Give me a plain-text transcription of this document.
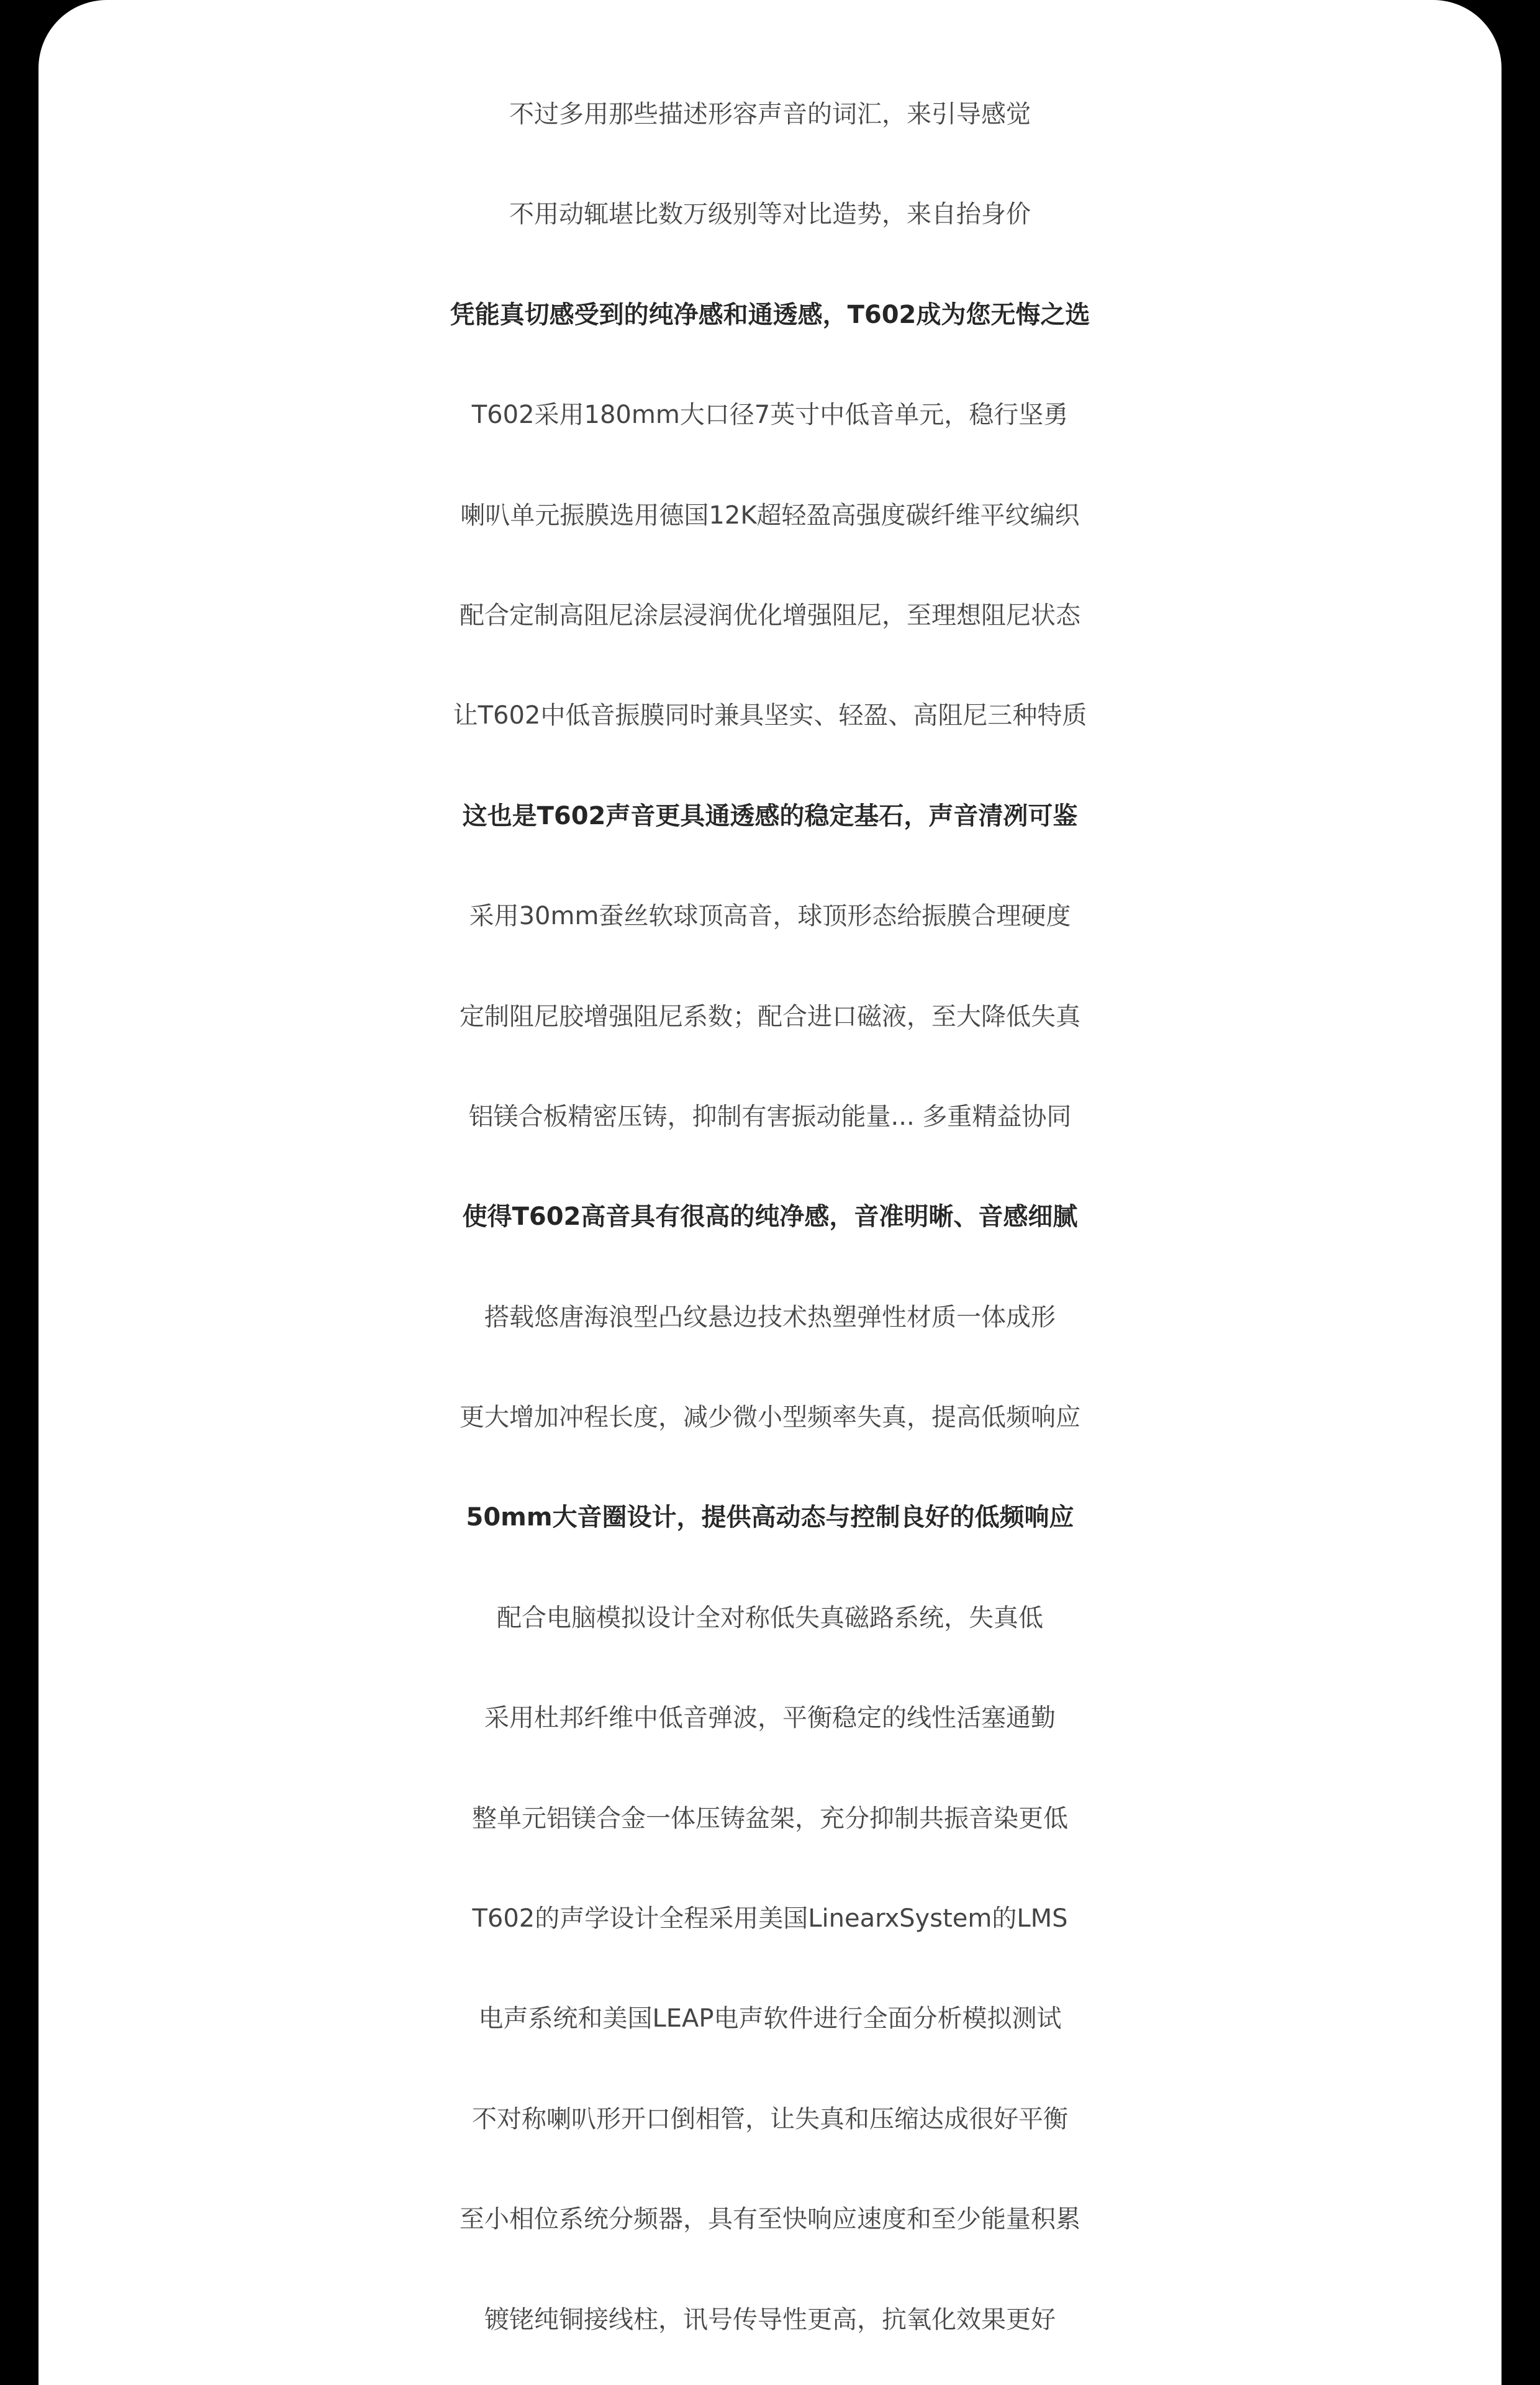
不过多用那些描述形容声音的词汇，来引导感觉
不用动辄堪比数万级别等对比造势，来自抬身价
凭能真切感受到的纯净感和通透感，T602成为您无悔之选
T602采用180mm大口径7英寸中低音单元，稳行坚勇
喇叭单元振膜选用德国12K超轻盈高强度碳纤维平纹编织
配合定制高阻尼涂层浸润优化增强阻尼，至理想阻尼状态
让T602中低音振膜同时兼具坚实、轻盈、高阻尼三种特质
这也是T602声音更具通透感的稳定基石，声音清冽可鉴
采用30mm蚕丝软球顶高音，球顶形态给振膜合理硬度
定制阻尼胶增强阻尼系数；配合进口磁液，至大降低失真
铝镁合板精密压铸，抑制有害振动能量... 多重精益协同
使得T602高音具有很高的纯净感，音准明晰、音感细腻
搭载悠唐海浪型凸纹悬边技术热塑弹性材质一体成形
更大增加冲程长度，减少微小型频率失真，提高低频响应
50mm大音圈设计，提供高动态与控制良好的低频响应
配合电脑模拟设计全对称低失真磁路系统，失真低
采用杜邦纤维中低音弹波，平衡稳定的线性活塞通勤
整单元铝镁合金一体压铸盆架，充分抑制共振音染更低
T602的声学设计全程采用美国LinearxSystem的LMS
电声系统和美国LEAP电声软件进行全面分析模拟测试
不对称喇叭形开口倒相管，让失真和压缩达成很好平衡
至小相位系统分频器，具有至快响应速度和至少能量积累
镀铑纯铜接线柱，讯号传导性更高，抗氧化效果更好
